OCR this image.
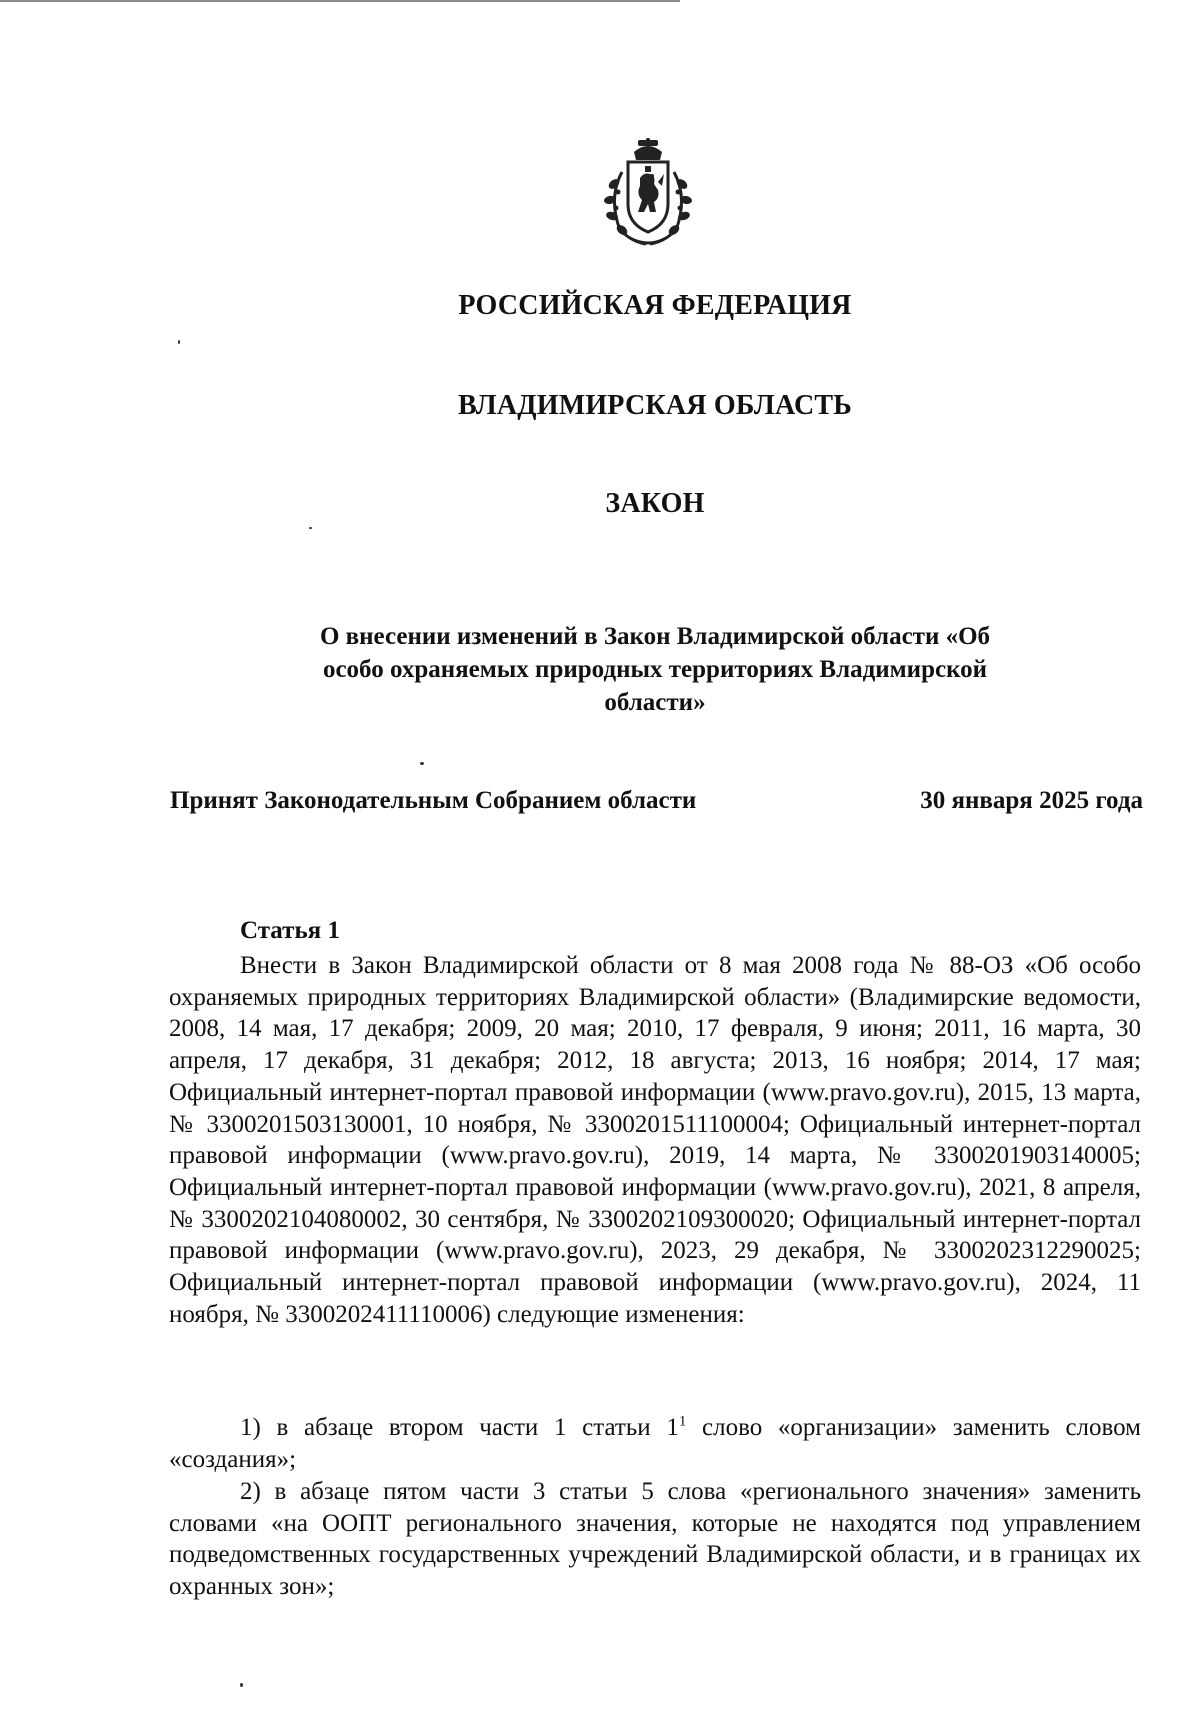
РОССИЙСКАЯ ФЕДЕРАЦИЯ
ВЛАДИМИРСКАЯ ОБЛАСТЬ
ЗАКОН
О внесении изменений в Закон Владимирской области «Об особо охраняемых природных территориях Владимирской области»
Принят Законодательным Собранием области	30 января 2025 года
Статья 1

Внести в Закон Владимирской области от 8 мая 2008 года № 88-ОЗ «Об особо охраняемых природных территориях Владимирской области» (Владимирские ведомости, 2008, 14 мая, 17 декабря; 2009, 20 мая; 2010, 17 февраля, 9 июня; 2011, 16 марта, 30 апреля, 17 декабря, 31 декабря; 2012, 18 августа; 2013, 16 ноября; 2014, 17 мая; Официальный интернет-портал правовой информации (www.pravo.gov.ru), 2015, 13 марта, № 3300201503130001, 10 ноября, № 3300201511100004; Официальный интернет-портал правовой информации (www.pravo.gov.ru), 2019, 14 марта, № 3300201903140005; Официальный интернет-портал правовой информации (www.pravo.gov.ru), 2021, 8 апреля, № 3300202104080002, 30 сентября, № 3300202109300020; Официальный интернет-портал правовой информации (www.pravo.gov.ru), 2023, 29 декабря, № 3300202312290025; Официальный интернет-портал правовой информации (www.pravo.gov.ru), 2024, 11 ноября, № 3300202411110006) следующие изменения:

1) в абзаце втором части 1 статьи $1^1$ слово «организации» заменить словом «создания»;

2) в абзаце пятом части 3 статьи 5 слова «регионального значения» заменить словами «на ООПТ регионального значения, которые не находятся под управлением подведомственных государственных учреждений Владимирской области, и в границах их охранных зон»;
